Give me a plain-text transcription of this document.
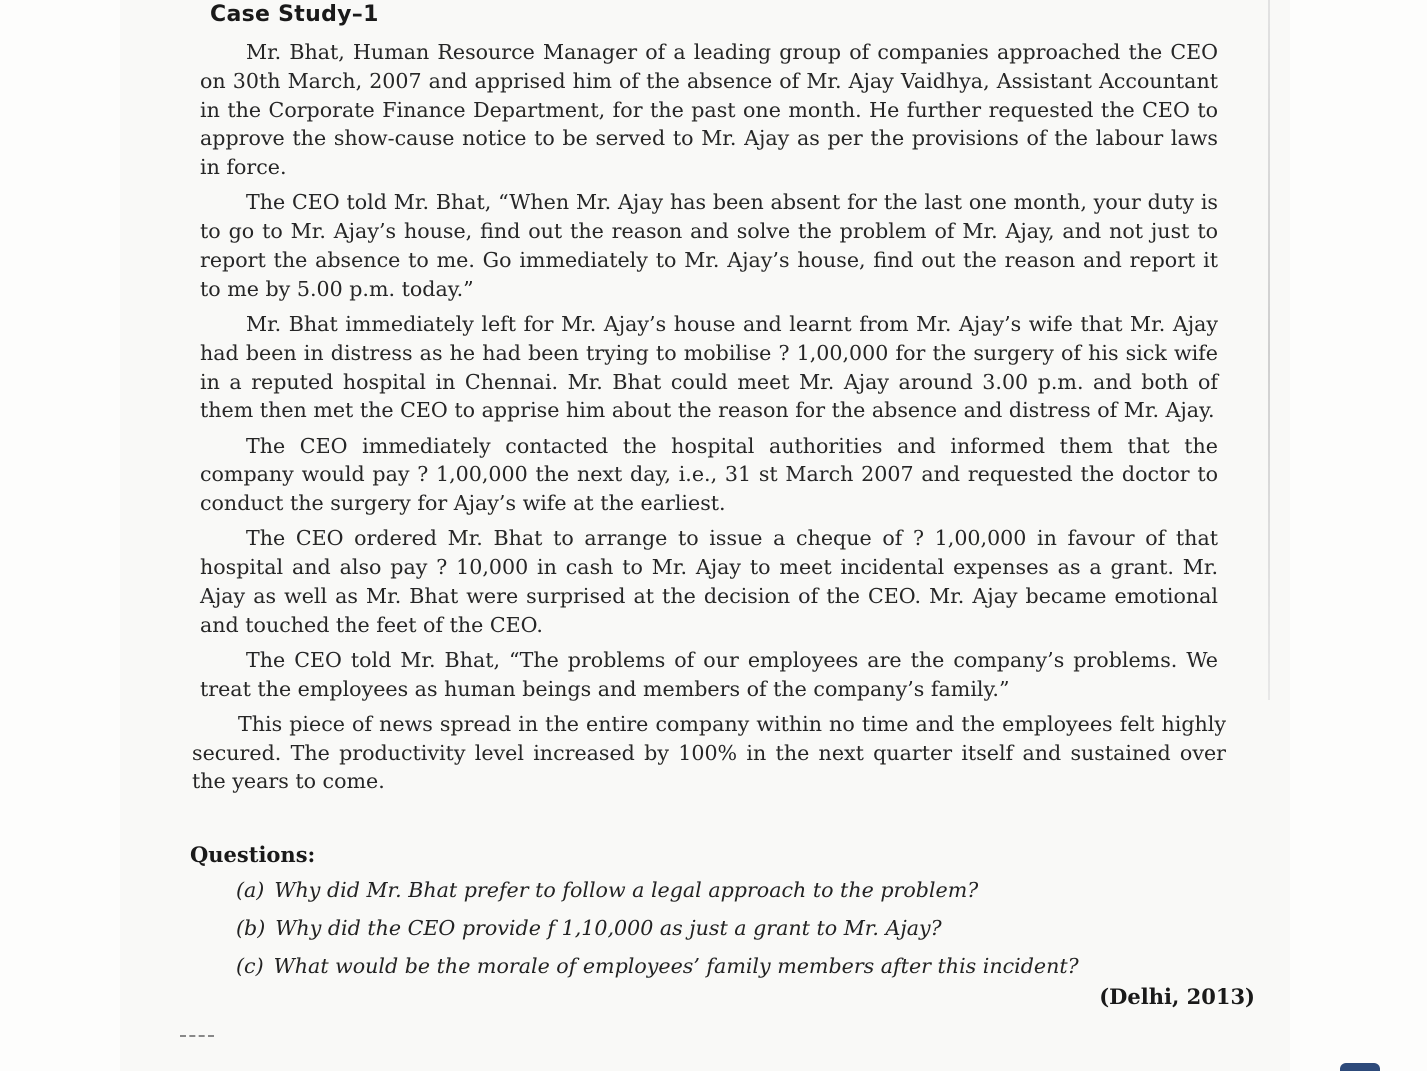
Case Study–1

Mr. Bhat, Human Resource Manager of a leading group of companies approached the CEO on 30th March, 2007 and apprised him of the absence of Mr. Ajay Vaidhya, Assistant Accountant in the Corporate Finance Department, for the past one month. He further requested the CEO to approve the show-cause notice to be served to Mr. Ajay as per the provisions of the labour laws in force.

The CEO told Mr. Bhat, “When Mr. Ajay has been absent for the last one month, your duty is to go to Mr. Ajay’s house, find out the reason and solve the problem of Mr. Ajay, and not just to report the absence to me. Go immediately to Mr. Ajay’s house, find out the reason and report it to me by 5.00 p.m. today.”

Mr. Bhat immediately left for Mr. Ajay’s house and learnt from Mr. Ajay’s wife that Mr. Ajay had been in distress as he had been trying to mobilise ? 1,00,000 for the surgery of his sick wife in a reputed hospital in Chennai. Mr. Bhat could meet Mr. Ajay around 3.00 p.m. and both of them then met the CEO to apprise him about the reason for the absence and distress of Mr. Ajay.

The CEO immediately contacted the hospital authorities and informed them that the company would pay ? 1,00,000 the next day, i.e., 31 st March 2007 and requested the doctor to conduct the surgery for Ajay’s wife at the earliest.

The CEO ordered Mr. Bhat to arrange to issue a cheque of ? 1,00,000 in favour of that hospital and also pay ? 10,000 in cash to Mr. Ajay to meet incidental expenses as a grant. Mr. Ajay as well as Mr. Bhat were surprised at the decision of the CEO. Mr. Ajay became emotional and touched the feet of the CEO.

The CEO told Mr. Bhat, “The problems of our employees are the company’s problems. We treat the employees as human beings and members of the company’s family.”

This piece of news spread in the entire company within no time and the employees felt highly secured. The productivity level increased by 100% in the next quarter itself and sustained over the years to come.

Questions:
(a) Why did Mr. Bhat prefer to follow a legal approach to the problem?
(b) Why did the CEO provide f 1,10,000 as just a grant to Mr. Ajay?
(c) What would be the morale of employees’ family members after this incident?
(Delhi, 2013)
